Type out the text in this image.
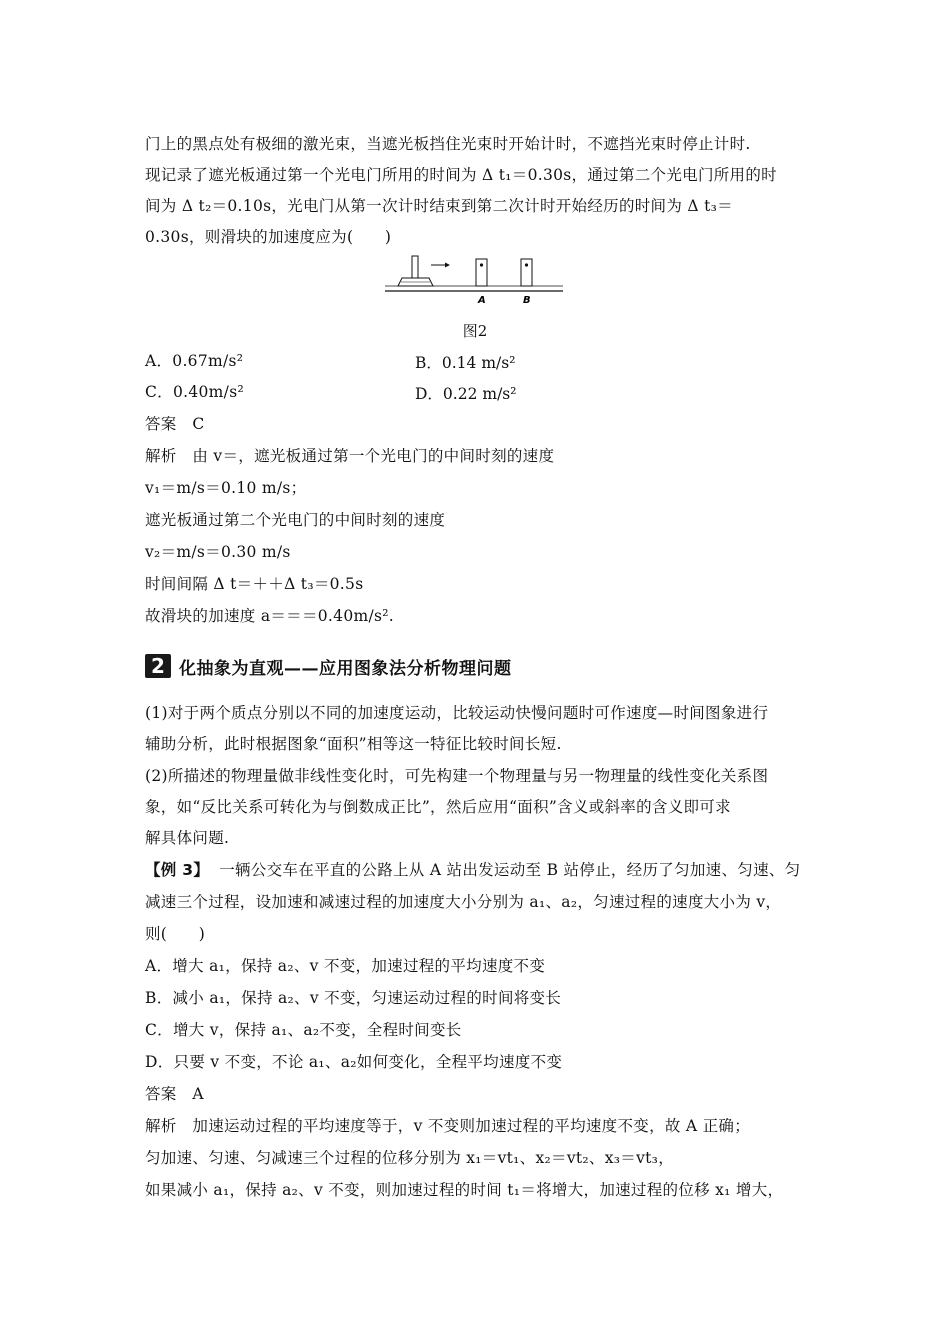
门上的黑点处有极细的激光束，当遮光板挡住光束时开始计时，不遮挡光束时停止计时.
现记录了遮光板通过第一个光电门所用的时间为 Δ t₁＝0.30s，通过第二个光电门所用的时
间为 Δ t₂＝0.10s，光电门从第一次计时结束到第二次计时开始经历的时间为 Δ t₃＝
0.30s，则滑块的加速度应为(　　)
A	B
图2
A．0.67m/s²	B．0.14 m/s²
C．0.40m/s²	D．0.22 m/s²
答案　C
解析　由 v＝，遮光板通过第一个光电门的中间时刻的速度
v₁＝m/s＝0.10 m/s；
遮光板通过第二个光电门的中间时刻的速度
v₂＝m/s＝0.30 m/s
时间间隔 Δ t＝＋＋Δ t₃＝0.5s
故滑块的加速度 a＝＝＝0.40m/s².
2 化抽象为直观——应用图象法分析物理问题
(1)对于两个质点分别以不同的加速度运动，比较运动快慢问题时可作速度—时间图象进行
辅助分析，此时根据图象“面积”相等这一特征比较时间长短.
(2)所描述的物理量做非线性变化时，可先构建一个物理量与另一物理量的线性变化关系图
象，如“反比关系可转化为与倒数成正比”，然后应用“面积”含义或斜率的含义即可求
解具体问题.
【例 3】 一辆公交车在平直的公路上从 A 站出发运动至 B 站停止，经历了匀加速、匀速、匀
减速三个过程，设加速和减速过程的加速度大小分别为 a₁、a₂，匀速过程的速度大小为 v，
则(　　)
A．增大 a₁，保持 a₂、v 不变，加速过程的平均速度不变
B．减小 a₁，保持 a₂、v 不变，匀速运动过程的时间将变长
C．增大 v，保持 a₁、a₂不变，全程时间变长
D．只要 v 不变，不论 a₁、a₂如何变化，全程平均速度不变
答案　A
解析　加速运动过程的平均速度等于，v 不变则加速过程的平均速度不变，故 A 正确；
匀加速、匀速、匀减速三个过程的位移分别为 x₁＝vt₁、x₂＝vt₂、x₃＝vt₃，
如果减小 a₁，保持 a₂、v 不变，则加速过程的时间 t₁＝将增大，加速过程的位移 x₁ 增大，
